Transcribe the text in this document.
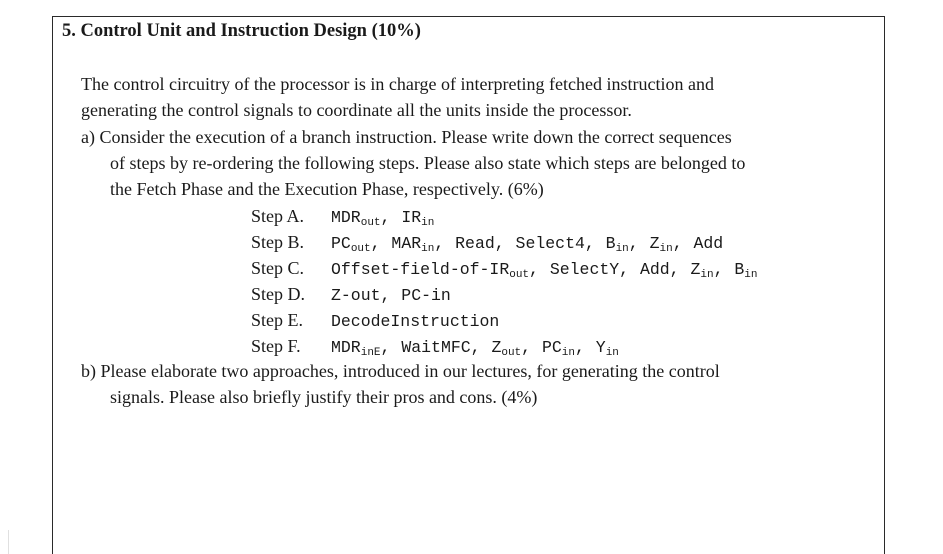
5. Control Unit and Instruction Design (10%)
The control circuitry of the processor is in charge of interpreting fetched instruction and
generating the control signals to coordinate all the units inside the processor.
a) Consider the execution of a branch instruction. Please write down the correct sequences
of steps by re-ordering the following steps. Please also state which steps are belonged to
the Fetch Phase and the Execution Phase, respectively. (6%)
Step A. $MDR_{out}$, $IR_{in}$
Step B. $PC_{out}$, $MAR_{in}$, Read, Select4, $B_{in}$, $Z_{in}$, Add
Step C. Offset-$field-of-IR_{out}$, SelectY, Add, $Z_{in}$, $B_{in}$
Step D. Z-out, PC-in
Step E. DecodeInstruction
Step F. $MDR_{inE}$, WaitMFC, $Z_{out}$, $PC_{in}$, $Y_{in}$
b) Please elaborate two approaches, introduced in our lectures, for generating the control
signals. Please also briefly justify their pros and cons. (4%)
